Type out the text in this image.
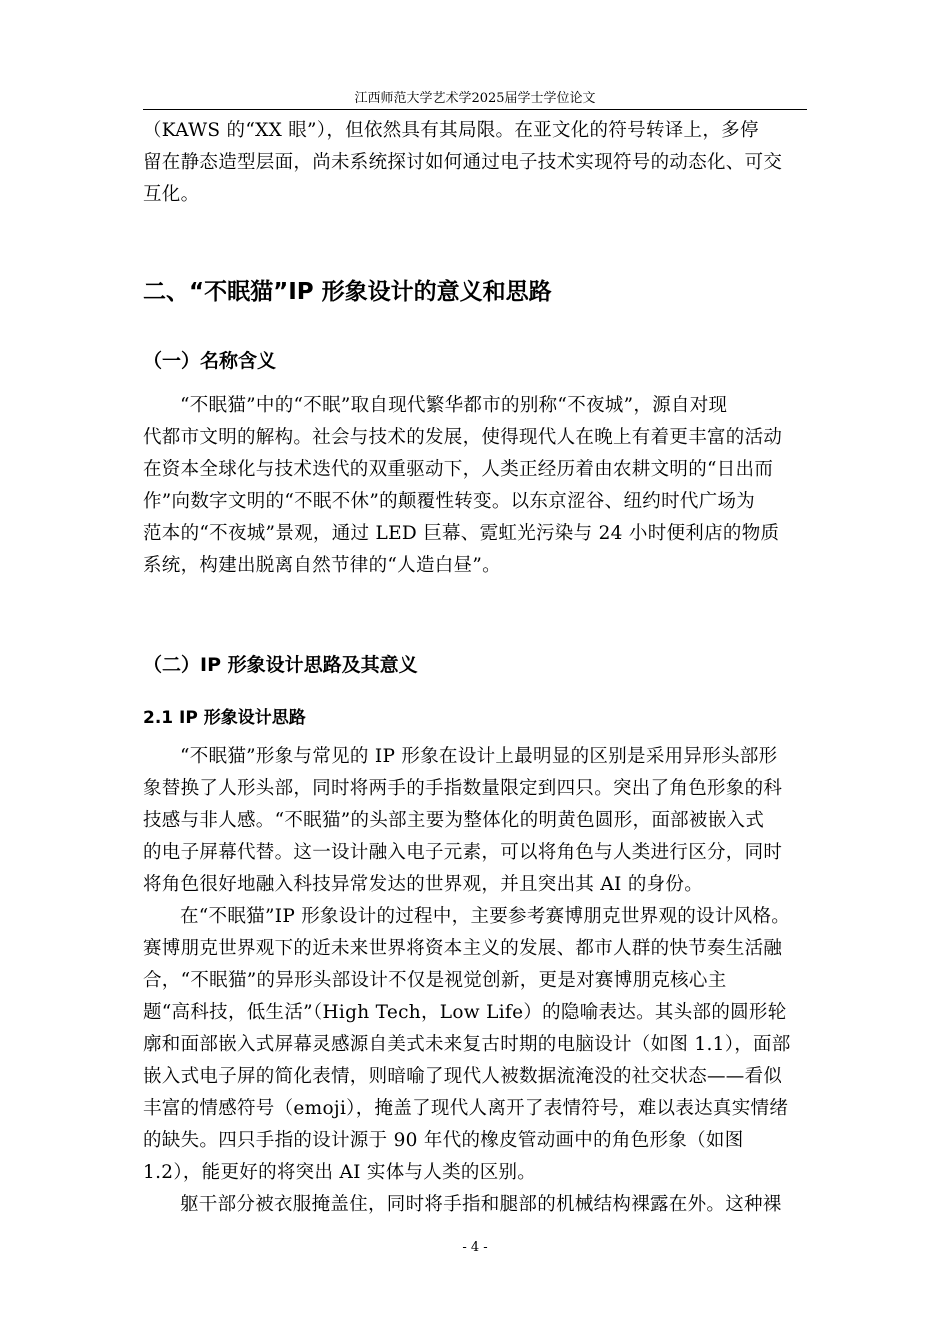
江西师范大学艺术学2025届学士学位论文
（KAWS 的“XX 眼”），但依然具有其局限。在亚文化的符号转译上，多停
留在静态造型层面，尚未系统探讨如何通过电子技术实现符号的动态化、可交
互化。
二、“不眠猫”IP 形象设计的意义和思路
（一）名称含义
“不眠猫”中的“不眠”取自现代繁华都市的别称“不夜城”，源自对现
代都市文明的解构。社会与技术的发展，使得现代人在晚上有着更丰富的活动
在资本全球化与技术迭代的双重驱动下，人类正经历着由农耕文明的“日出而
作”向数字文明的“不眠不休”的颠覆性转变。以东京涩谷、纽约时代广场为
范本的“不夜城”景观，通过 LED 巨幕、霓虹光污染与 24 小时便利店的物质
系统，构建出脱离自然节律的“人造白昼”。
（二）IP 形象设计思路及其意义
2.1 IP 形象设计思路
“不眠猫”形象与常见的 IP 形象在设计上最明显的区别是采用异形头部形
象替换了人形头部，同时将两手的手指数量限定到四只。突出了角色形象的科
技感与非人感。“不眠猫”的头部主要为整体化的明黄色圆形，面部被嵌入式
的电子屏幕代替。这一设计融入电子元素，可以将角色与人类进行区分，同时
将角色很好地融入科技异常发达的世界观，并且突出其 AI 的身份。
在“不眠猫”IP 形象设计的过程中，主要参考赛博朋克世界观的设计风格。
赛博朋克世界观下的近未来世界将资本主义的发展、都市人群的快节奏生活融
合，“不眠猫”的异形头部设计不仅是视觉创新，更是对赛博朋克核心主
题“高科技，低生活”（High Tech，Low Life）的隐喻表达。其头部的圆形轮
廓和面部嵌入式屏幕灵感源自美式未来复古时期的电脑设计（如图 1.1），面部
嵌入式电子屏的简化表情，则暗喻了现代人被数据流淹没的社交状态——看似
丰富的情感符号（emoji），掩盖了现代人离开了表情符号，难以表达真实情绪
的缺失。四只手指的设计源于 90 年代的橡皮管动画中的角色形象（如图
1.2），能更好的将突出 AI 实体与人类的区别。
躯干部分被衣服掩盖住，同时将手指和腿部的机械结构裸露在外。这种裸
- 4 -
